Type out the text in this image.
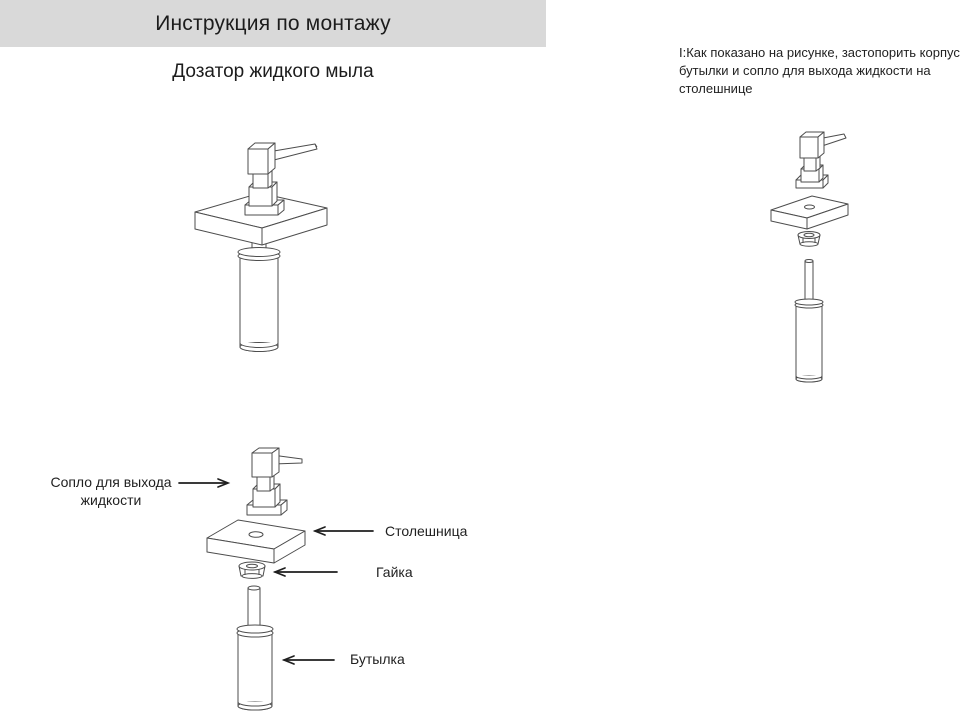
Инструкция по монтажу
Дозатор жидкого мыла
I:Как показано на рисунке, застопорить корпус бутылки и сопло для выхода жидкости на столешнице
Сопло для выхода
жидкости
Столешница
Гайка
Бутылка
